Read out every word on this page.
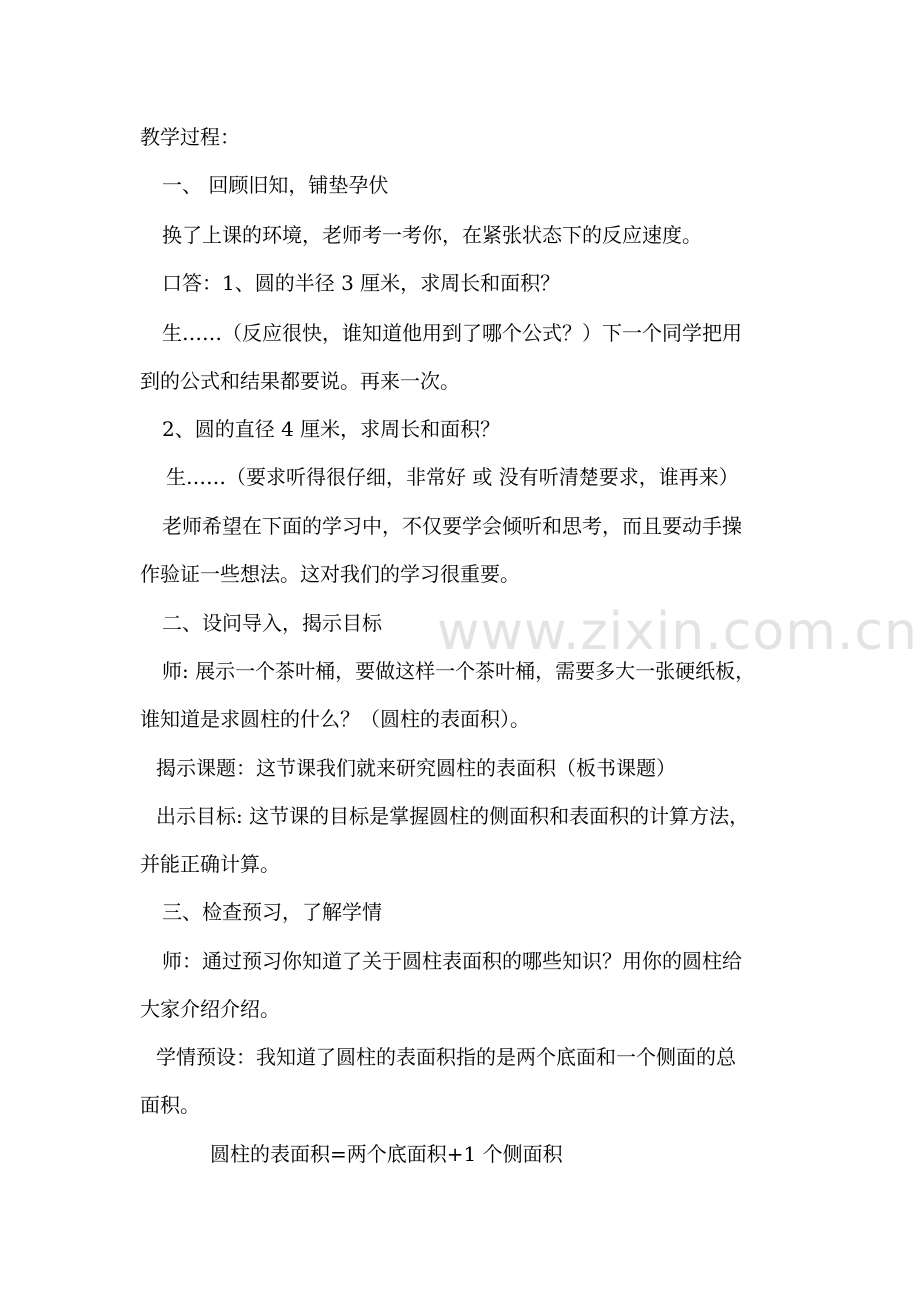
www.zixin.com.cn
教学过程：
一、 回顾旧知，铺垫孕伏
换了上课的环境，老师考一考你，在紧张状态下的反应速度。
口答：1、圆的半径 3 厘米，求周长和面积？
生……（反应很快，谁知道他用到了哪个公式？）下一个同学把用
到的公式和结果都要说。再来一次。
2、圆的直径 4 厘米，求周长和面积？
生……（要求听得很仔细，非常好 或 没有听清楚要求，谁再来）
老师希望在下面的学习中，不仅要学会倾听和思考，而且要动手操
作验证一些想法。这对我们的学习很重要。
二、设问导入，揭示目标
师: 展示一个茶叶桶，要做这样一个茶叶桶，需要多大一张硬纸板，
谁知道是求圆柱的什么？（圆柱的表面积）。
揭示课题：这节课我们就来研究圆柱的表面积（板书课题）
出示目标: 这节课的目标是掌握圆柱的侧面积和表面积的计算方法，
并能正确计算。
三、检查预习，了解学情
师：通过预习你知道了关于圆柱表面积的哪些知识？用你的圆柱给
大家介绍介绍。
学情预设：我知道了圆柱的表面积指的是两个底面和一个侧面的总
面积。
圆柱的表面积=两个底面积+1 个侧面积
